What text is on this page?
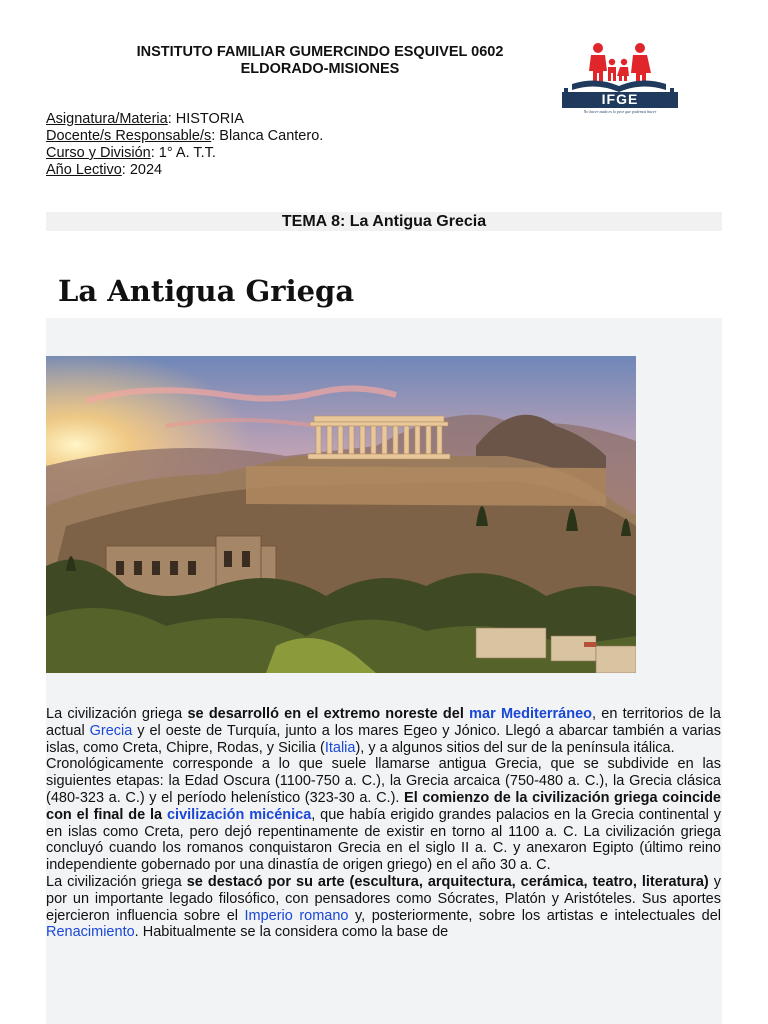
INSTITUTO FAMILIAR GUMERCINDO ESQUIVEL 0602
ELDORADO-MISIONES
IFGE
No hacer nada es lo peor que podemos hacer
Asignatura/Materia: HISTORIA
Docente/s Responsable/s: Blanca Cantero.
Curso y División: 1° A. T.T.
Año Lectivo: 2024
TEMA 8: La Antigua Grecia
La Antigua Griega

La civilización griega se desarrolló en el extremo noreste del mar Mediterráneo, en territorios de la actual Grecia y el oeste de Turquía, junto a los mares Egeo y Jónico. Llegó a abarcar también a varias islas, como Creta, Chipre, Rodas, y Sicilia (Italia), y a algunos sitios del sur de la península itálica.

Cronológicamente corresponde a lo que suele llamarse antigua Grecia, que se subdivide en las siguientes etapas: la Edad Oscura (1100-750 a. C.), la Grecia arcaica (750-480 a. C.), la Grecia clásica (480-323 a. C.) y el período helenístico (323-30 a. C.). El comienzo de la civilización griega coincide con el final de la civilización micénica, que había erigido grandes palacios en la Grecia continental y en islas como Creta, pero dejó repentinamente de existir en torno al 1100 a. C. La civilización griega concluyó cuando los romanos conquistaron Grecia en el siglo II a. C. y anexaron Egipto (último reino independiente gobernado por una dinastía de origen griego) en el año 30 a. C.

La civilización griega se destacó por su arte (escultura, arquitectura, cerámica, teatro, literatura) y por un importante legado filosófico, con pensadores como Sócrates, Platón y Aristóteles. Sus aportes ejercieron influencia sobre el Imperio romano y, posteriormente, sobre los artistas e intelectuales del Renacimiento. Habitualmente se la considera como la base de
